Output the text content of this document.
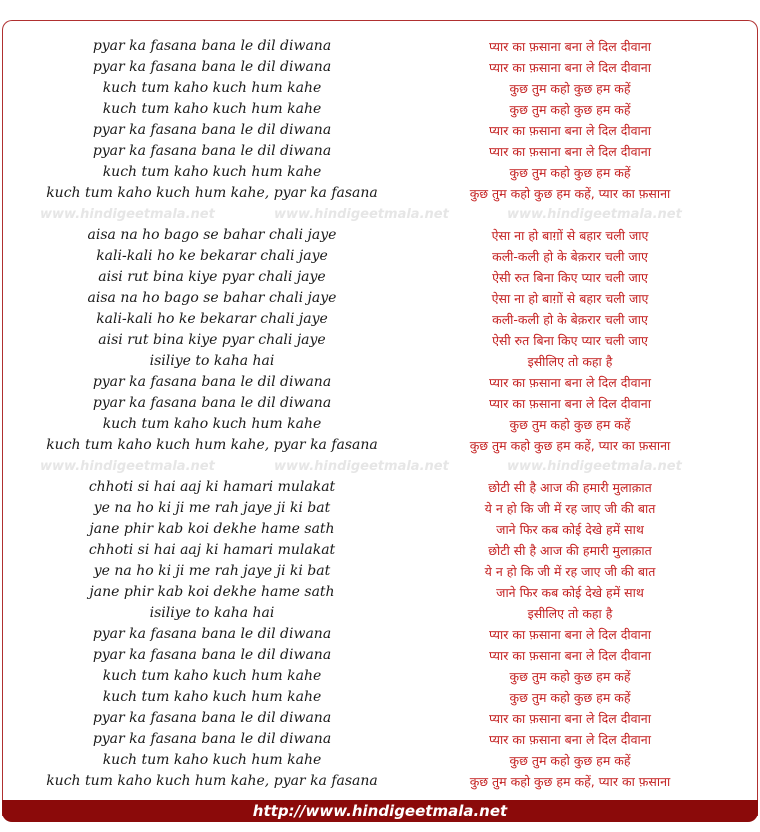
pyar ka fasana bana le dil diwana	प्यार का फ़साना बना ले दिल दीवाना
pyar ka fasana bana le dil diwana	प्यार का फ़साना बना ले दिल दीवाना
kuch tum kaho kuch hum kahe	कुछ तुम कहो कुछ हम कहें
kuch tum kaho kuch hum kahe	कुछ तुम कहो कुछ हम कहें
pyar ka fasana bana le dil diwana	प्यार का फ़साना बना ले दिल दीवाना
pyar ka fasana bana le dil diwana	प्यार का फ़साना बना ले दिल दीवाना
kuch tum kaho kuch hum kahe	कुछ तुम कहो कुछ हम कहें
kuch tum kaho kuch hum kahe, pyar ka fasana	कुछ तुम कहो कुछ हम कहें, प्यार का फ़साना
www.hindigeetmala.net	www.hindigeetmala.net	www.hindigeetmala.net
aisa na ho bago se bahar chali jaye	ऐसा ना हो बाग़ों से बहार चली जाए
kali-kali ho ke bekarar chali jaye	कली-कली हो के बेक़रार चली जाए
aisi rut bina kiye pyar chali jaye	ऐसी रुत बिना किए प्यार चली जाए
aisa na ho bago se bahar chali jaye	ऐसा ना हो बाग़ों से बहार चली जाए
kali-kali ho ke bekarar chali jaye	कली-कली हो के बेक़रार चली जाए
aisi rut bina kiye pyar chali jaye	ऐसी रुत बिना किए प्यार चली जाए
isiliye to kaha hai	इसीलिए तो कहा है
pyar ka fasana bana le dil diwana	प्यार का फ़साना बना ले दिल दीवाना
pyar ka fasana bana le dil diwana	प्यार का फ़साना बना ले दिल दीवाना
kuch tum kaho kuch hum kahe	कुछ तुम कहो कुछ हम कहें
kuch tum kaho kuch hum kahe, pyar ka fasana	कुछ तुम कहो कुछ हम कहें, प्यार का फ़साना
www.hindigeetmala.net	www.hindigeetmala.net	www.hindigeetmala.net
chhoti si hai aaj ki hamari mulakat	छोटी सी है आज की हमारी मुलाक़ात
ye na ho ki ji me rah jaye ji ki bat	ये न हो कि जी में रह जाए जी की बात
jane phir kab koi dekhe hame sath	जाने फिर कब कोई देखे हमें साथ
chhoti si hai aaj ki hamari mulakat	छोटी सी है आज की हमारी मुलाक़ात
ye na ho ki ji me rah jaye ji ki bat	ये न हो कि जी में रह जाए जी की बात
jane phir kab koi dekhe hame sath	जाने फिर कब कोई देखे हमें साथ
isiliye to kaha hai	इसीलिए तो कहा है
pyar ka fasana bana le dil diwana	प्यार का फ़साना बना ले दिल दीवाना
pyar ka fasana bana le dil diwana	प्यार का फ़साना बना ले दिल दीवाना
kuch tum kaho kuch hum kahe	कुछ तुम कहो कुछ हम कहें
kuch tum kaho kuch hum kahe	कुछ तुम कहो कुछ हम कहें
pyar ka fasana bana le dil diwana	प्यार का फ़साना बना ले दिल दीवाना
pyar ka fasana bana le dil diwana	प्यार का फ़साना बना ले दिल दीवाना
kuch tum kaho kuch hum kahe	कुछ तुम कहो कुछ हम कहें
kuch tum kaho kuch hum kahe, pyar ka fasana	कुछ तुम कहो कुछ हम कहें, प्यार का फ़साना
http://www.hindigeetmala.net
